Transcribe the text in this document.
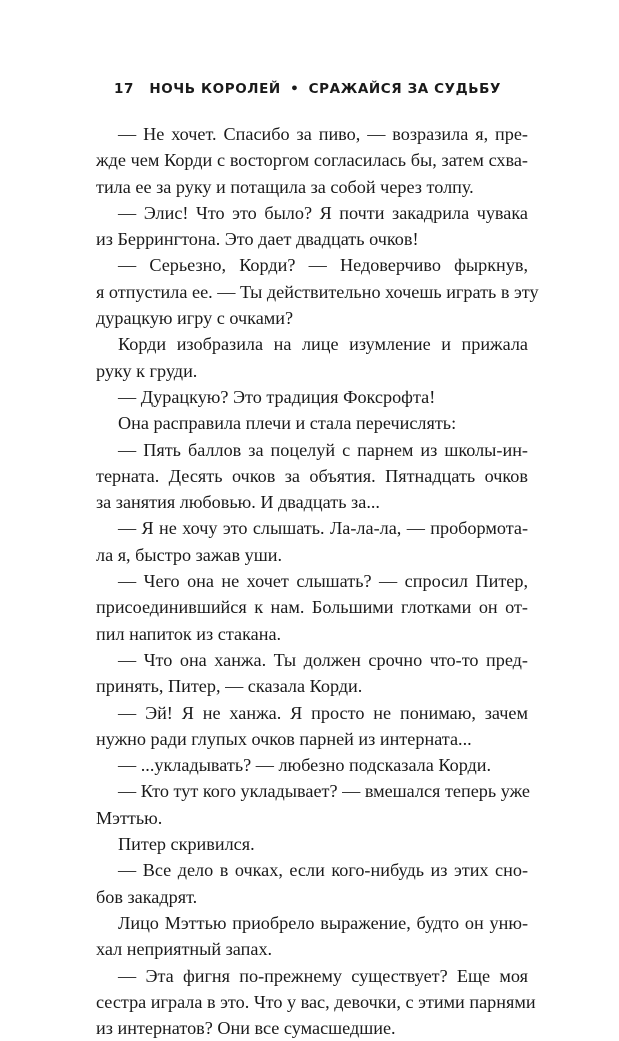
17 НОЧЬ КОРОЛЕЙ • СРАЖАЙСЯ ЗА СУДЬБУ
— Не хочет. Спасибо за пиво, — возразила я, пре-
жде чем Корди с восторгом согласилась бы, затем схва-
тила ее за руку и потащила за собой через толпу.
— Элис! Что это было? Я почти закадрила чувака
из Беррингтона. Это дает двадцать очков!
— Серьезно, Корди? — Недоверчиво фыркнув,
я отпустила ее. — Ты действительно хочешь играть в эту
дурацкую игру с очками?
Корди изобразила на лице изумление и прижала
руку к груди.
— Дурацкую? Это традиция Фоксрофта!
Она расправила плечи и стала перечислять:
— Пять баллов за поцелуй с парнем из школы-ин-
терната. Десять очков за объятия. Пятнадцать очков
за занятия любовью. И двадцать за...
— Я не хочу это слышать. Ла-ла-ла, — пробормота-
ла я, быстро зажав уши.
— Чего она не хочет слышать? — спросил Питер,
присоединившийся к нам. Большими глотками он от-
пил напиток из стакана.
— Что она ханжа. Ты должен срочно что-то пред-
принять, Питер, — сказала Корди.
— Эй! Я не ханжа. Я просто не понимаю, зачем
нужно ради глупых очков парней из интерната...
— ...укладывать? — любезно подсказала Корди.
— Кто тут кого укладывает? — вмешался теперь уже
Мэттью.
Питер скривился.
— Все дело в очках, если кого-нибудь из этих сно-
бов закадрят.
Лицо Мэттью приобрело выражение, будто он уню-
хал неприятный запах.
— Эта фигня по-прежнему существует? Еще моя
сестра играла в это. Что у вас, девочки, с этими парнями
из интернатов? Они все сумасшедшие.
